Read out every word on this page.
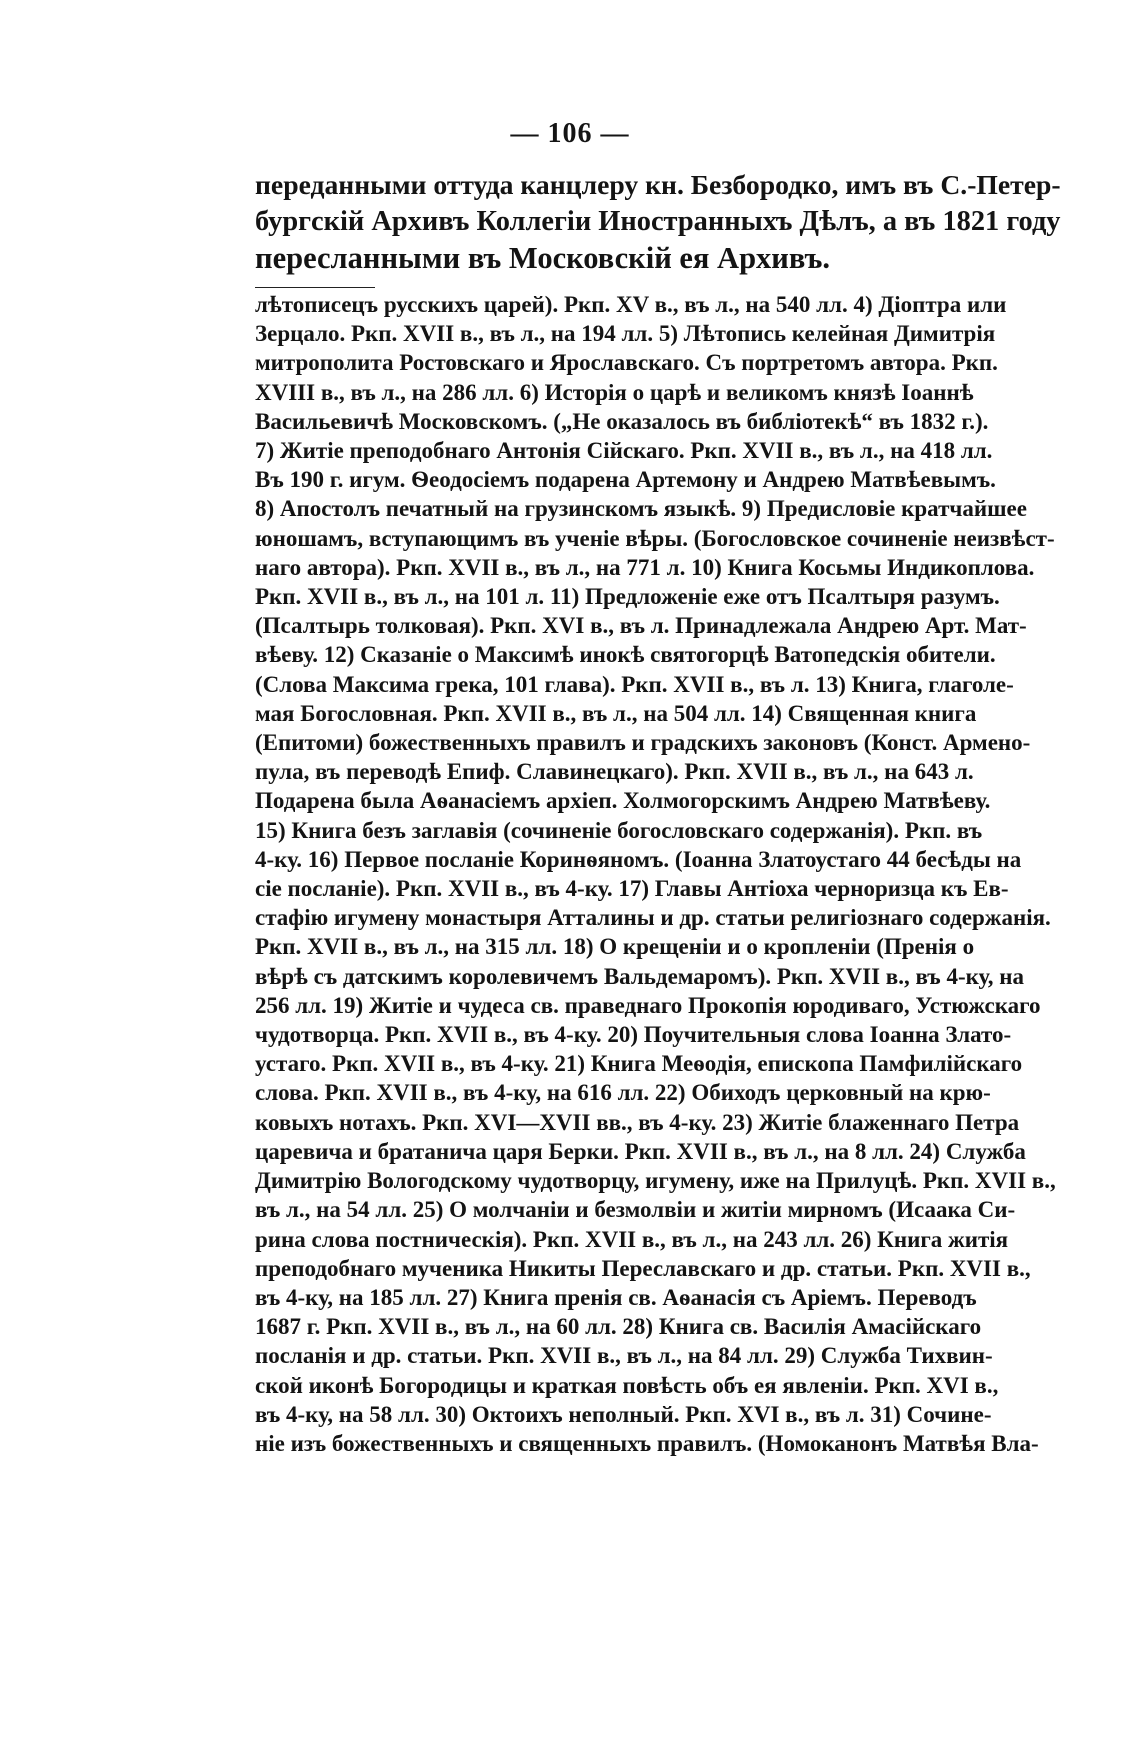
— 106 —
переданными оттуда канцлеру кн. Безбородко, имъ въ С.-Петер-
бургскій Архивъ Коллегіи Иностранныхъ Дѣлъ, а въ 1821 году
пересланными въ Московскій ея Архивъ.
лѣтописецъ русскихъ царей). Ркп. XV в., въ л., на 540 лл. 4) Діоптра или
Зерцало. Ркп. XVII в., въ л., на 194 лл. 5) Лѣтопись келейная Димитрія
митрополита Ростовскаго и Ярославскаго. Съ портретомъ автора. Ркп.
XVIII в., въ л., на 286 лл. 6) Исторія о царѣ и великомъ князѣ Іоаннѣ
Васильевичѣ Московскомъ. („Не оказалось въ библіотекѣ“ въ 1832 г.).
7) Житіе преподобнаго Антонія Сійскаго. Ркп. XVII в., въ л., на 418 лл.
Въ 190 г. игум. Ѳеодосіемъ подарена Артемону и Андрею Матвѣевымъ.
8) Апостолъ печатный на грузинскомъ языкѣ. 9) Предисловіе кратчайшее
юношамъ, вступающимъ въ ученіе вѣры. (Богословское сочиненіе неизвѣст-
наго автора). Ркп. XVII в., въ л., на 771 л. 10) Книга Косьмы Индикоплова.
Ркп. XVII в., въ л., на 101 л. 11) Предложеніе еже отъ Псалтыря разумъ.
(Псалтырь толковая). Ркп. XVI в., въ л. Принадлежала Андрею Арт. Мат-
вѣеву. 12) Сказаніе о Максимѣ инокѣ святогорцѣ Ватопедскія обители.
(Слова Максима грека, 101 глава). Ркп. XVII в., въ л. 13) Книга, глаголе-
мая Богословная. Ркп. XVII в., въ л., на 504 лл. 14) Священная книга
(Епитоми) божественныхъ правилъ и градскихъ законовъ (Конст. Армено-
пула, въ переводѣ Епиф. Славинецкаго). Ркп. XVII в., въ л., на 643 л.
Подарена была Аѳанасіемъ архіеп. Холмогорскимъ Андрею Матвѣеву.
15) Книга безъ заглавія (сочиненіе богословскаго содержанія). Ркп. въ
4-ку. 16) Первое посланіе Коринѳяномъ. (Іоанна Златоустаго 44 бесѣды на
сіе посланіе). Ркп. XVII в., въ 4-ку. 17) Главы Антіоха черноризца къ Ев-
стафію игумену монастыря Атталины и др. статьи религіознаго содержанія.
Ркп. XVII в., въ л., на 315 лл. 18) О крещеніи и о кропленіи (Пренія о
вѣрѣ съ датскимъ королевичемъ Вальдемаромъ). Ркп. XVII в., въ 4-ку, на
256 лл. 19) Житіе и чудеса св. праведнаго Прокопія юродиваго, Устюжскаго
чудотворца. Ркп. XVII в., въ 4-ку. 20) Поучительныя слова Іоанна Злато-
устаго. Ркп. XVII в., въ 4-ку. 21) Книга Меѳодія, епископа Памфилійскаго
слова. Ркп. XVII в., въ 4-ку, на 616 лл. 22) Обиходъ церковный на крю-
ковыхъ нотахъ. Ркп. XVI—XVII вв., въ 4-ку. 23) Житіе блаженнаго Петра
царевича и братанича царя Берки. Ркп. XVII в., въ л., на 8 лл. 24) Служба
Димитрію Вологодскому чудотворцу, игумену, иже на Прилуцѣ. Ркп. XVII в.,
въ л., на 54 лл. 25) О молчаніи и безмолвіи и житіи мирномъ (Исаака Си-
рина слова постническія). Ркп. XVII в., въ л., на 243 лл. 26) Книга житія
преподобнаго мученика Никиты Переславскаго и др. статьи. Ркп. XVII в.,
въ 4-ку, на 185 лл. 27) Книга пренія св. Аѳанасія съ Аріемъ. Переводъ
1687 г. Ркп. XVII в., въ л., на 60 лл. 28) Книга св. Василія Амасійскаго
посланія и др. статьи. Ркп. XVII в., въ л., на 84 лл. 29) Служба Тихвин-
ской иконѣ Богородицы и краткая повѣсть объ ея явленіи. Ркп. XVI в.,
въ 4-ку, на 58 лл. 30) Октоихъ неполный. Ркп. XVI в., въ л. 31) Сочине-
ніе изъ божественныхъ и священныхъ правилъ. (Номоканонъ Матвѣя Вла-
